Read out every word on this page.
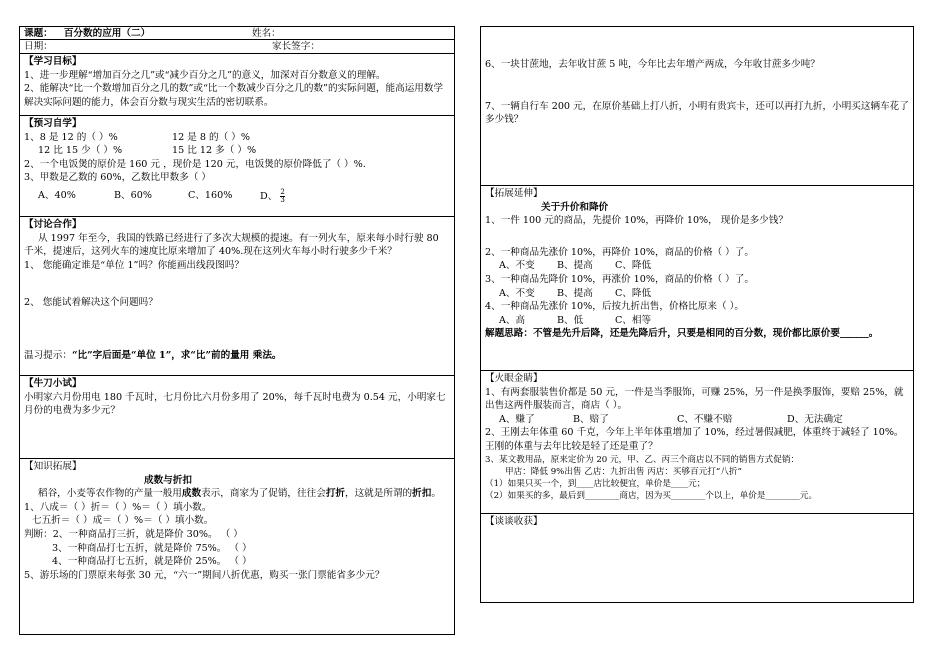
课题： 百分数的应用（二）	姓名：
日期：	家长签字：
【学习目标】
1、进一步理解“增加百分之几”或“减少百分之几”的意义，加深对百分数意义的理解。
2、能解决“比一个数增加百分之几的数”或“比一个数减少百分之几的数”的实际问题，能高运用数学解决实际问题的能力，体会百分数与现实生活的密切联系。
【预习自学】
1、8 是 12 的（ ）%	12 是 8 的（ ）%
12 比 15 少（ ）%	15 比 12 多（ ）%
2、一个电饭煲的原价是 160 元 ，现价是 120 元，电饭煲的原价降低了（ ）%.
3、甲数是乙数的 60%，乙数比甲数多（ ）
A、40%	B、60%	C、160%	D、 $\frac{2}{3}$
【讨论合作】
从 1997 年至今，我国的铁路已经进行了多次大规模的提速。有一列火车，原来每小时行驶 80 千米，提速后，这列火车的速度比原来增加了 40%.现在这列火车每小时行驶多少千米？
1、 您能确定谁是“单位 1”吗？你能画出线段图吗？
2、 您能试着解决这个问题吗？
温习提示：“比”字后面是“单位 1”，求“比”前的量用 乘法。
【牛刀小试】
小明家六月份用电 180 千瓦时，七月份比六月份多用了 20%，每千瓦时电费为 0.54 元，小明家七月份的电费为多少元？
【知识拓展】
成数与折扣
稻谷，小麦等农作物的产量一般用成数表示，商家为了促销，往往会打折，这就是所谓的折扣。
1、八成＝（ ）折＝（ ）%＝（ ）填小数。
七五折＝（ ）成＝（ ）%＝（ ）填小数。
判断：2、一种商品打三折，就是降价 30%。 （ ）
3、一种商品打七五折，就是降价 75%。 （ ）
4、一种商品打七五折，就是降价 25%。 （ ）
5、游乐场的门票原来每张 30 元，“六一”期间八折优惠，购买一张门票能省多少元？
6、一块甘蔗地，去年收甘蔗 5 吨，今年比去年增产两成，今年收甘蔗多少吨？
7、一辆自行车 200 元，在原价基础上打八折，小明有贵宾卡，还可以再打九折，小明买这辆车花了多少钱？
【拓展延伸】
关于升价和降价
1、一件 100 元的商品，先提价 10%，再降价 10%， 现价是多少钱？
2、一种商品先涨价 10%，再降价 10%，商品的价格（ ）了。
A、不变	B、提高	C、降低
3、一种商品先降价 10%，再涨价 10%，商品的价格（ ）了。
A、不变	B、提高	C、降低
4、一种商品先涨价 10%，后按九折出售，价格比原来（ ）。
A、高	B、低	C、相等
解题思路：不管是先升后降，还是先降后升，只要是相同的百分数，现价都比原价要______。
【火眼金睛】
1、有两套服装售价都是 50 元，一件是当季服饰，可赚 25%，另一件是换季服饰，要赔 25%，就出售这两件服装而言，商店（ ）。
A、赚了	B、赔了	C、不赚不赔	D、无法确定
2、王刚去年体重 60 千克，今年上半年体重增加了 10%，经过暑假减肥，体重终于减轻了 10%。王刚的体重与去年比较是轻了还是重了？
3、某文教用品，原来定价为 20 元，甲、乙、丙三个商店以不同的销售方式促销：
甲店：降低 9%出售 乙店：九折出售 丙店：买够百元打“八折”
（1）如果只买一个，到____店比较便宜，单价是____元；
（2）如果买的多，最后到________商店，因为买________个以上，单价是________元。
【谈谈收获】
